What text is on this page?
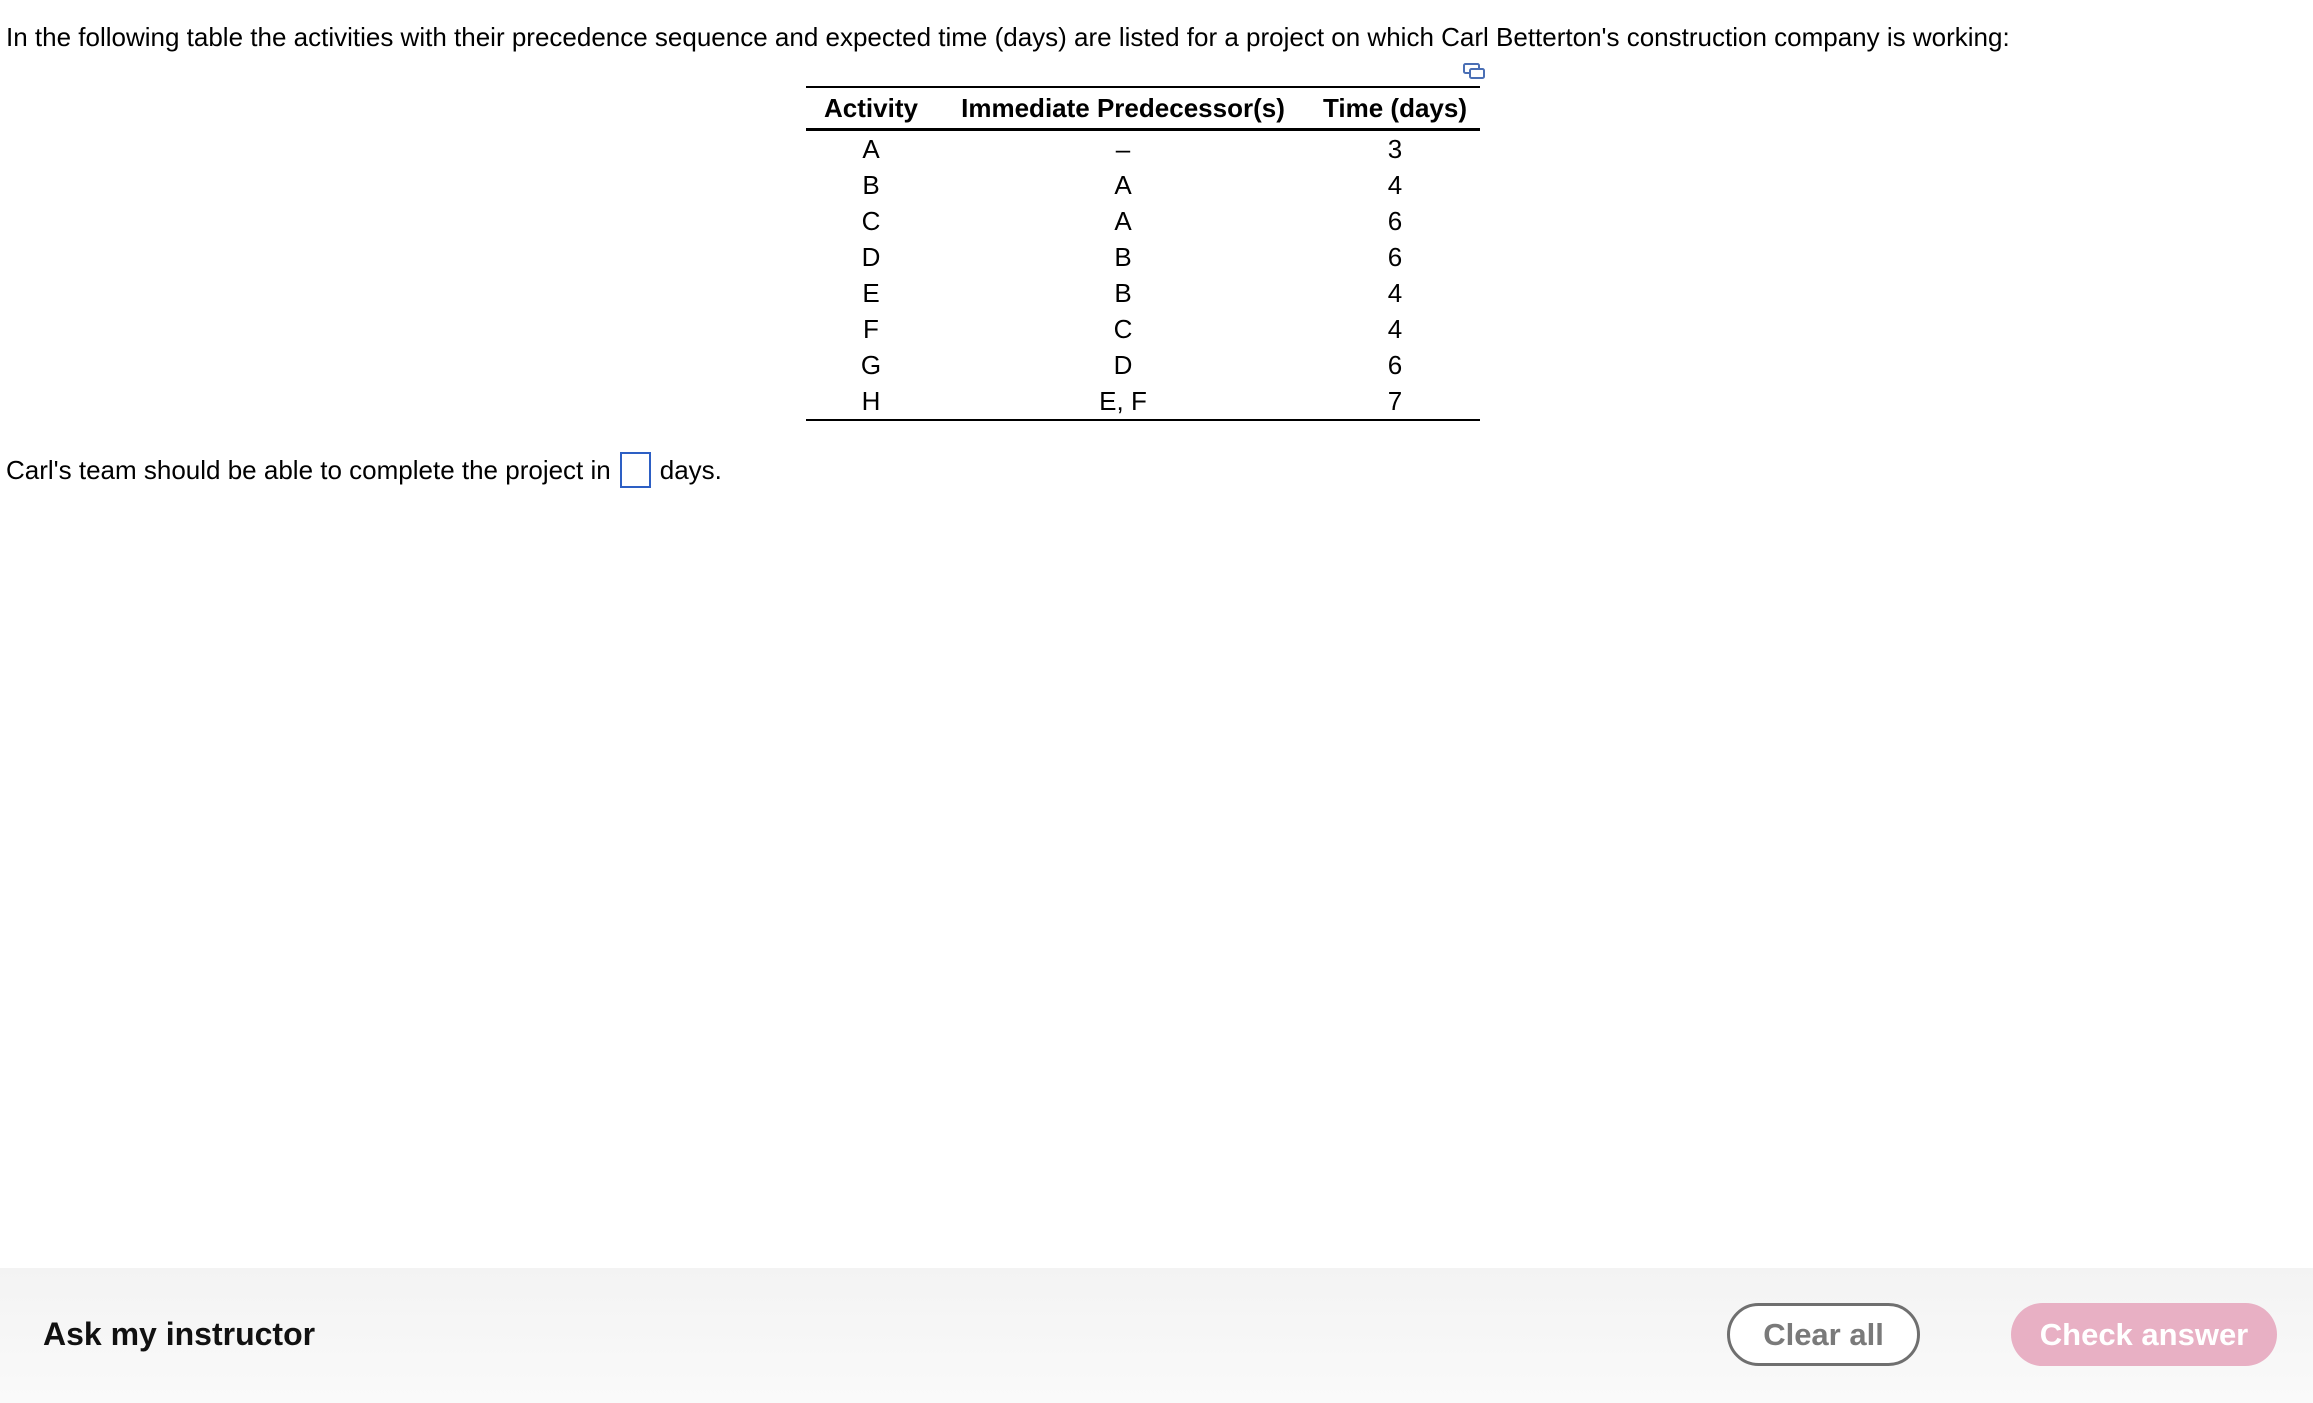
In the following table the activities with their precedence sequence and expected time (days) are listed for a project on which Carl Betterton's construction company is working:
Activity	Immediate Predecessor(s)	Time (days)
A	–	3
B	A	4
C	A	6
D	B	6
E	B	4
F	C	4
G	D	6
H	E, F	7
Carl's team should be able to complete the project in days.
Ask my instructor	Clear all	Check answer
